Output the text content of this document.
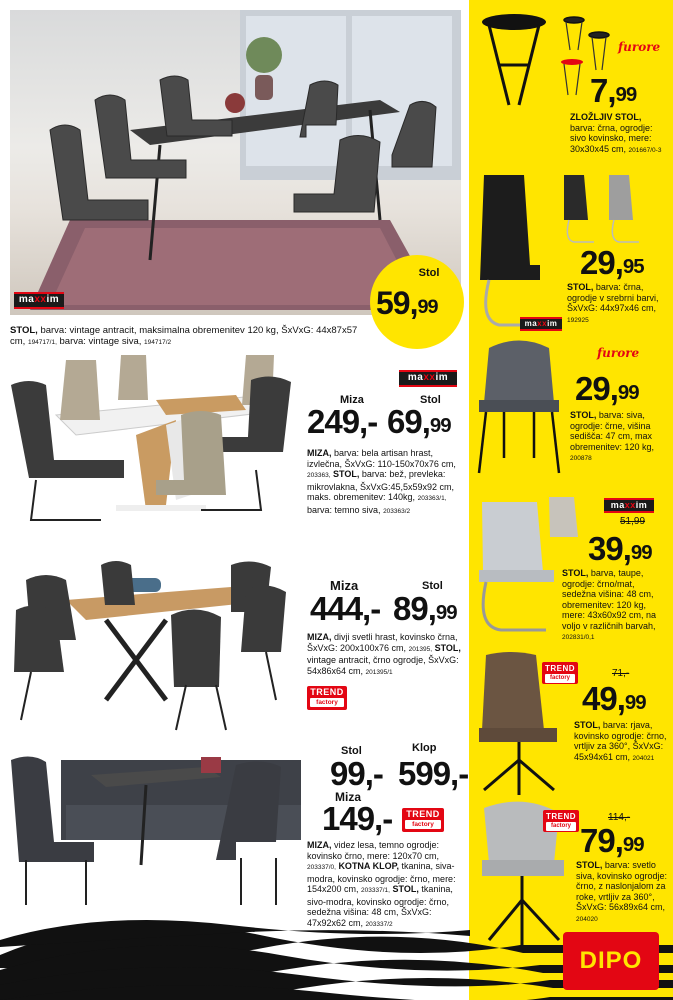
maxxim
Stol
59,99
STOL, barva: vintage antracit, maksimalna obremenitev 120 kg, ŠxVxG: 44x87x57 cm, 194717/1, barva: vintage siva, 194717/2
maxxim
Miza	Stol
249,- 69,99
MIZA, barva: bela artisan hrast, izvlečna, ŠxVxG: 110-150x70x76 cm, 203363, STOL, barva: bež, prevleka: mikrovlakna, ŠxVxG:45,5x59x92 cm, maks. obremenitev: 140kg, 203363/1, barva: temno siva, 203363/2
Miza	Stol
444,- 89,99
MIZA, divji svetli hrast, kovinsko črna, ŠxVxG: 200x100x76 cm, 201395, STOL, vintage antracit, črno ogrodje, ŠxVxG: 54x86x64 cm, 201395/1
TREND
factory
Stol	Klop
99,- 599,-
Miza
149,-	TREND
factory
MIZA, videz lesa, temno ogrodje: kovinsko črno, mere: 120x70 cm, 203337/0, KOTNA KLOP, tkanina, siva-modra, kovinsko ogrodje: črno, mere: 154x200 cm, 203337/1, STOL, tkanina, sivo-modra, kovinsko ogrodje: črno, sedežna višina: 48 cm, ŠxVxG: 47x92x62 cm, 203337/2
furore
7,99
ZLOŽLJIV STOL, barva: črna, ogrodje: sivo kovinsko, mere: 30x30x45 cm, 201667/0-3
maxxim
29,95
STOL, barva: črna, ogrodje v srebrni barvi, ŠxVxG: 44x97x46 cm, 192925
furore
29,99
STOL, barva: siva, ogrodje: črne, višina sedišča: 47 cm, max obremenitev: 120 kg, 200878
maxxim
51,99
39,99
STOL, barva, taupe, ogrodje: črno/mat, sedežna višina: 48 cm, obremenitev: 120 kg, mere: 43x60x92 cm, na voljo v različnih barvah, 202831/0,1
TREND
factory	71,-
49,99
STOL, barva: rjava, kovinsko ogrodje: črno, vrtljiv za 360°, ŠxVxG: 45x94x61 cm, 204021
TREND
factory
114,-
79,99
STOL, barva: svetlo siva, kovinsko ogrodje: črno, z naslonjalom za roke, vrtljiv za 360°, ŠxVxG: 56x89x64 cm, 204020
DIPO
